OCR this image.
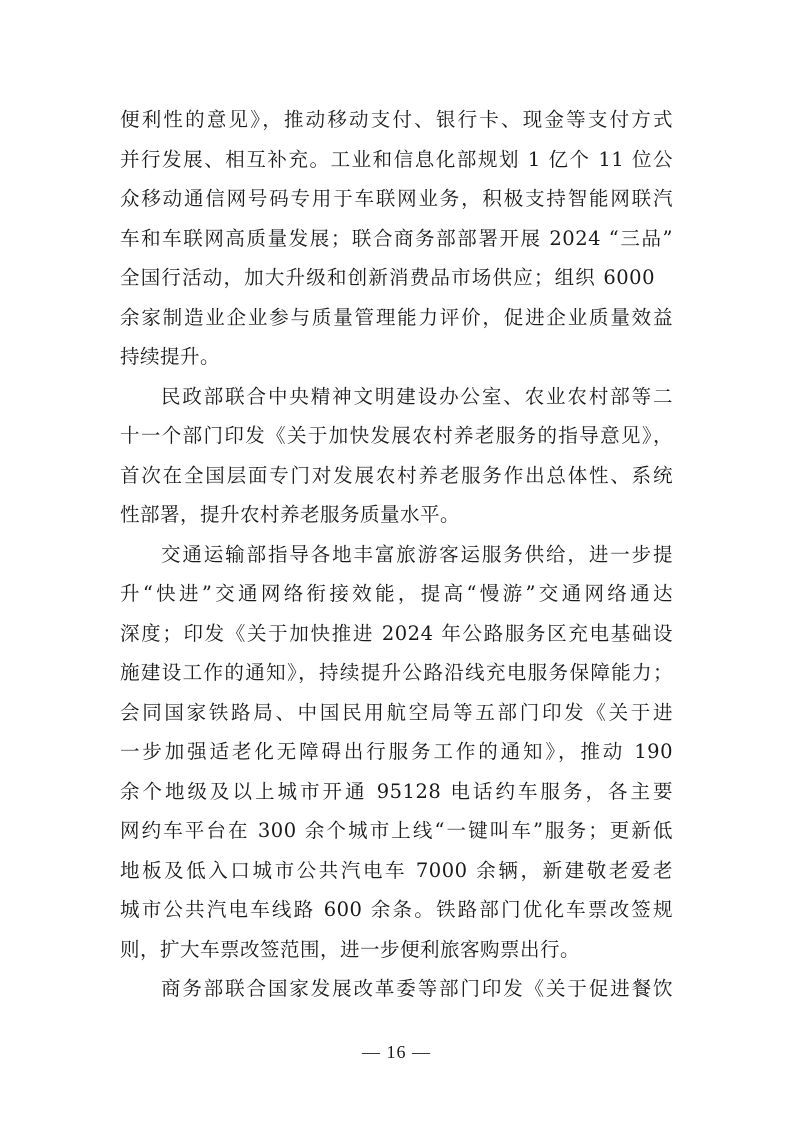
便利性的意见》，推动移动支付、银行卡、现金等支付方式
并行发展、相互补充。工业和信息化部规划 1 亿个 11 位公
众移动通信网号码专用于车联网业务，积极支持智能网联汽
车和车联网高质量发展；联合商务部部署开展 2024 “三品”
全国行活动，加大升级和创新消费品市场供应；组织 6000
余家制造业企业参与质量管理能力评价，促进企业质量效益
持续提升。
民政部联合中央精神文明建设办公室、农业农村部等二
十一个部门印发《关于加快发展农村养老服务的指导意见》，
首次在全国层面专门对发展农村养老服务作出总体性、系统
性部署，提升农村养老服务质量水平。
交通运输部指导各地丰富旅游客运服务供给，进一步提
升“快进”交通网络衔接效能，提高“慢游”交通网络通达
深度；印发《关于加快推进 2024 年公路服务区充电基础设
施建设工作的通知》，持续提升公路沿线充电服务保障能力；
会同国家铁路局、中国民用航空局等五部门印发《关于进
一步加强适老化无障碍出行服务工作的通知》，推动 190
余个地级及以上城市开通 95128 电话约车服务，各主要
网约车平台在 300 余个城市上线“一键叫车”服务；更新低
地板及低入口城市公共汽电车 7000 余辆，新建敬老爱老
城市公共汽电车线路 600 余条。铁路部门优化车票改签规
则，扩大车票改签范围，进一步便利旅客购票出行。
商务部联合国家发展改革委等部门印发《关于促进餐饮
— 16 —
